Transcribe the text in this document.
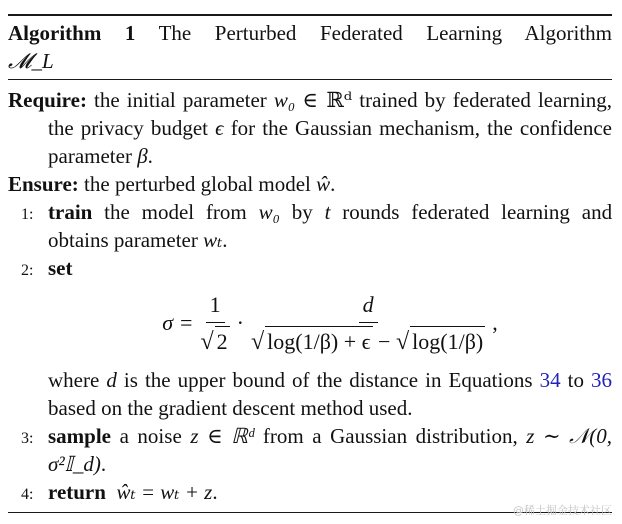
Algorithm 1 The Perturbed Federated Learning Algorithm
𝓜_L
Require: the initial parameter w₀ ∈ ℝᵈ trained by federated learning, the privacy budget ϵ for the Gaussian mechanism, the confidence parameter β.
Ensure: the perturbed global model ŵ.
1: train the model from w₀ by t rounds federated learning and obtains parameter wₜ.
2: set
$\sigma = \frac{1}{√ 2} \cdot \frac{d}{√ \log(1/\beta) + \epsilon - √ \log(1/\beta)}$ ,
where d is the upper bound of the distance in Equations 34 to 36 based on the gradient descent method used.
3: sample a noise z ∈ ℝᵈ from a Gaussian distribution, z ∼ 𝒩(0, σ²𝕀_d).
4: return ŵₜ = wₜ + z.
@稀土掘金技术社区
